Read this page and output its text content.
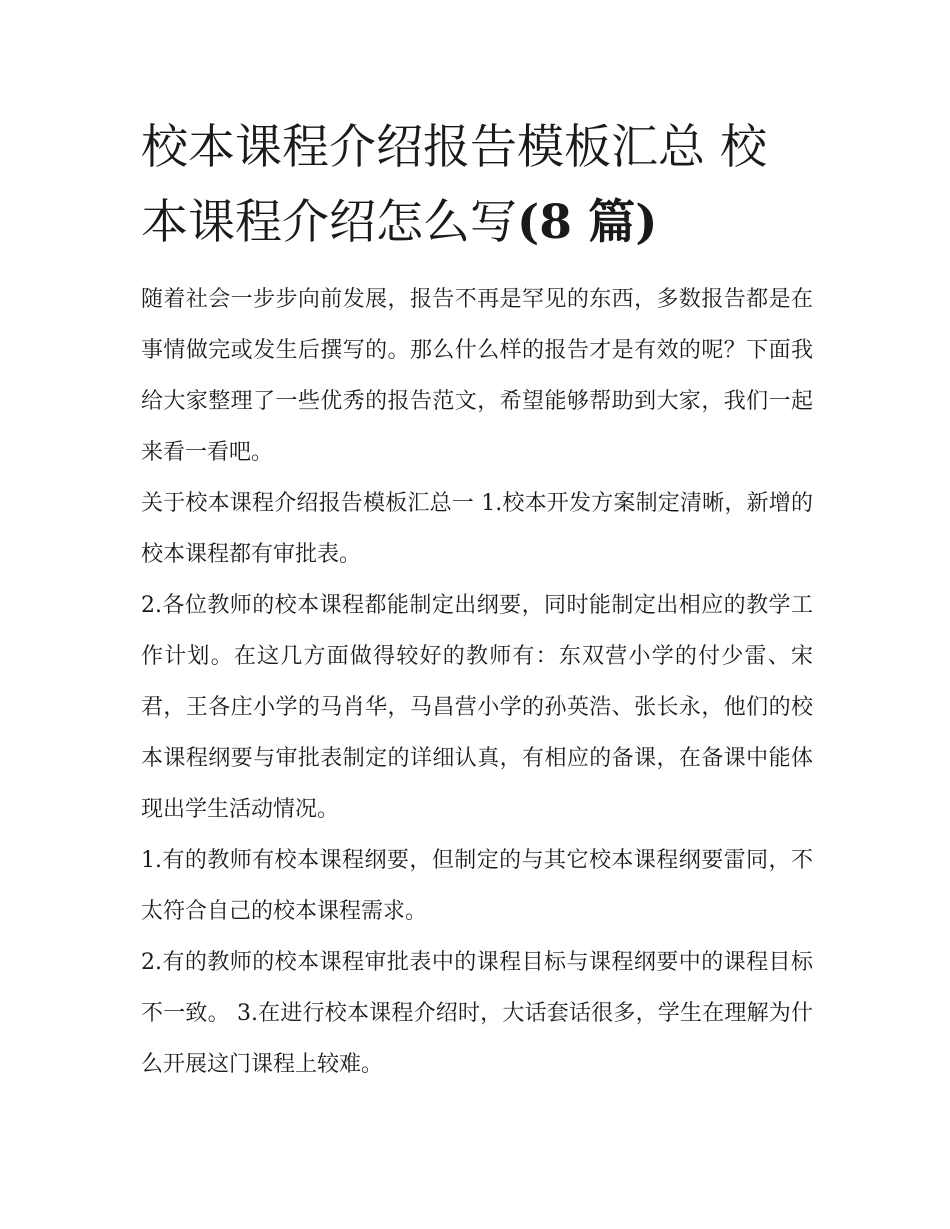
校本课程介绍报告模板汇总 校本课程介绍怎么写(8 篇)

随着社会一步步向前发展，报告不再是罕见的东西，多数报告都是在事情做完或发生后撰写的。那么什么样的报告才是有效的呢？下面我给大家整理了一些优秀的报告范文，希望能够帮助到大家，我们一起来看一看吧。

关于校本课程介绍报告模板汇总一 1.校本开发方案制定清晰，新增的校本课程都有审批表。

2.各位教师的校本课程都能制定出纲要，同时能制定出相应的教学工作计划。在这几方面做得较好的教师有：东双营小学的付少雷、宋君，王各庄小学的马肖华，马昌营小学的孙英浩、张长永，他们的校本课程纲要与审批表制定的详细认真，有相应的备课，在备课中能体现出学生活动情况。

1.有的教师有校本课程纲要，但制定的与其它校本课程纲要雷同，不太符合自己的校本课程需求。

2.有的教师的校本课程审批表中的课程目标与课程纲要中的课程目标不一致。 3.在进行校本课程介绍时，大话套话很多，学生在理解为什么开展这门课程上较难。
